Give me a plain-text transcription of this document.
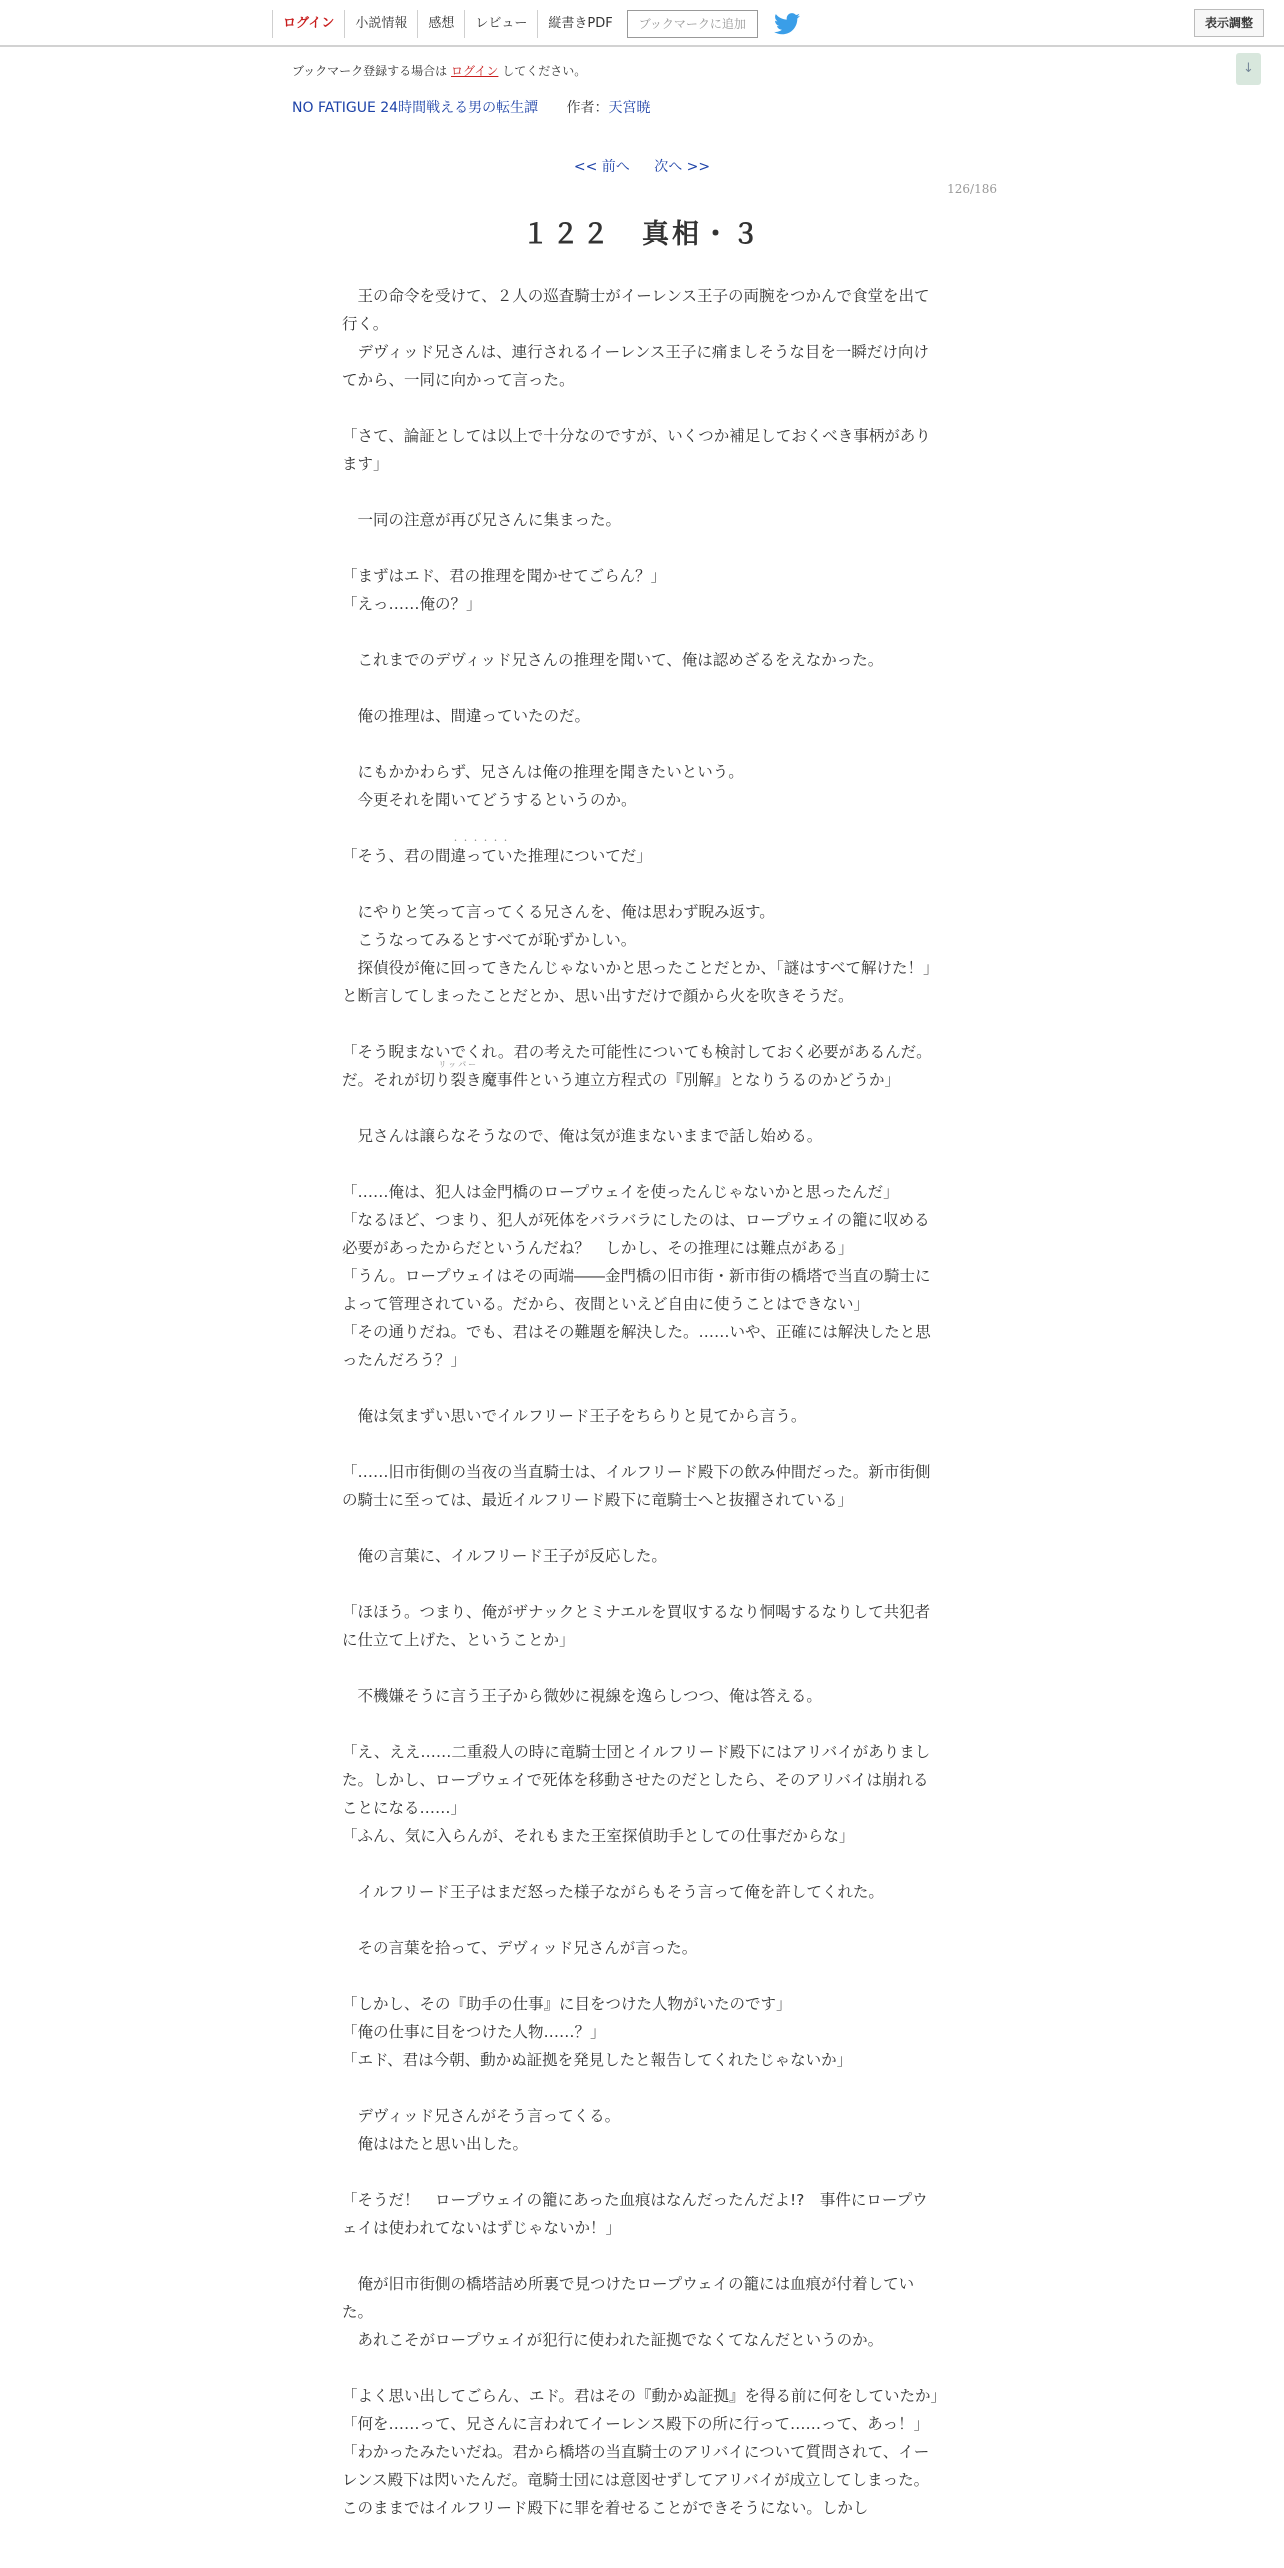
ログイン	小説情報	感想	レビュー	縦書きPDF	ブックマークに追加	表示調整
↓
ブックマーク登録する場合は ログイン してください。
NO FATIGUE 24時間戦える男の転生譚 作者：天宮暁
<< 前へ 次へ >>
126/186
１２２　真相・３

　王の命令を受けて、２人の巡査騎士がイーレンス王子の両腕をつかんで食堂を出て行く。

　デヴィッド兄さんは、連行されるイーレンス王子に痛ましそうな目を一瞬だけ向けてから、一同に向かって言った。

「さて、論証としては以上で十分なのですが、いくつか補足しておくべき事柄があります」

　一同の注意が再び兄さんに集まった。

「まずはエド、君の推理を聞かせてごらん？」

「えっ……俺の？」

　これまでのデヴィッド兄さんの推理を聞いて、俺は認めざるをえなかった。

　俺の推理は、間違っていたのだ。

　にもかかわらず、兄さんは俺の推理を聞きたいという。

　今更それを聞いてどうするというのか。

「そう、君の間違っていた
・・・・・・
推理についてだ」

　にやりと笑って言ってくる兄さんを、俺は思わず睨み返す。

　こうなってみるとすべてが恥ずかしい。

　探偵役が俺に回ってきたんじゃないかと思ったことだとか、「謎はすべて解けた！」と断言してしまったことだとか、思い出すだけで顔から火を吹きそうだ。

「そう睨まないでくれ。君の考えた可能性についても検討しておく必要があるんだ。

だ。それが切り裂き魔
リッパー
事件という連立方程式の『別解』となりうるのかどうか」

　兄さんは譲らなそうなので、俺は気が進まないままで話し始める。

「……俺は、犯人は金門橋のロープウェイを使ったんじゃないかと思ったんだ」

「なるほど、つまり、犯人が死体をバラバラにしたのは、ロープウェイの籠に収める必要があったからだというんだね？　しかし、その推理には難点がある」

「うん。ロープウェイはその両端――金門橋の旧市街・新市街の橋塔で当直の騎士によって管理されている。だから、夜間といえど自由に使うことはできない」

「その通りだね。でも、君はその難題を解決した。……いや、正確には解決したと思ったんだろう？」

　俺は気まずい思いでイルフリード王子をちらりと見てから言う。

「……旧市街側の当夜の当直騎士は、イルフリード殿下の飲み仲間だった。新市街側の騎士に至っては、最近イルフリード殿下に竜騎士へと抜擢されている」

　俺の言葉に、イルフリード王子が反応した。

「ほほう。つまり、俺がザナックとミナエルを買収するなり恫喝するなりして共犯者に仕立て上げた、ということか」

　不機嫌そうに言う王子から微妙に視線を逸らしつつ、俺は答える。

「え、ええ……二重殺人の時に竜騎士団とイルフリード殿下にはアリバイがありました。しかし、ロープウェイで死体を移動させたのだとしたら、そのアリバイは崩れることになる……」

「ふん、気に入らんが、それもまた王室探偵助手としての仕事だからな」

　イルフリード王子はまだ怒った様子ながらもそう言って俺を許してくれた。

　その言葉を拾って、デヴィッド兄さんが言った。

「しかし、その『助手の仕事』に目をつけた人物がいたのです」

「俺の仕事に目をつけた人物……？」

「エド、君は今朝、動かぬ証拠を発見したと報告してくれたじゃないか」

　デヴィッド兄さんがそう言ってくる。

　俺ははたと思い出した。

「そうだ！　ロープウェイの籠にあった血痕はなんだったんだよ!?　事件にロープウェイは使われてないはずじゃないか！」

　俺が旧市街側の橋塔詰め所裏で見つけたロープウェイの籠には血痕が付着していた。

　あれこそがロープウェイが犯行に使われた証拠でなくてなんだというのか。

「よく思い出してごらん、エド。君はその『動かぬ証拠』を得る前に何をしていたか」

「何を……って、兄さんに言われてイーレンス殿下の所に行って……って、あっ！」

「わかったみたいだね。君から橋塔の当直騎士のアリバイについて質問されて、イーレンス殿下は閃いたんだ。竜騎士団には意図せずしてアリバイが成立してしまった。このままではイルフリード殿下に罪を着せることができそうにない。しかし
